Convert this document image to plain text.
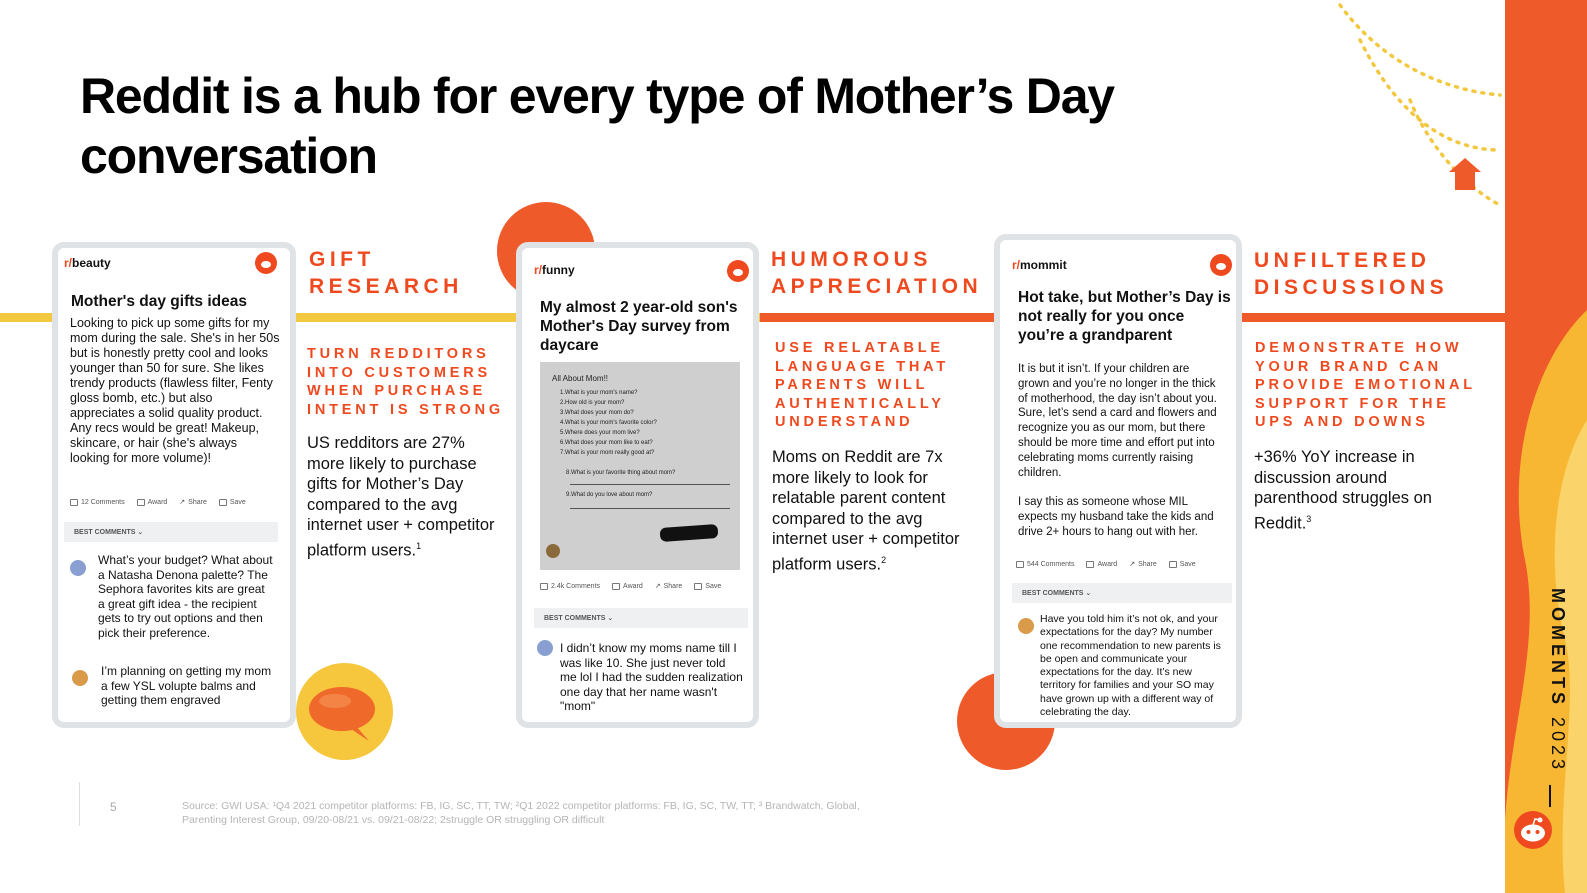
Reddit is a hub for every type of Mother’s Day conversation
r/beauty
Mother's day gifts ideas
Looking to pick up some gifts for my mom during the sale. She's in her 50s but is honestly pretty cool and looks younger than 50 for sure. She likes trendy products (flawless filter, Fenty gloss bomb, etc.) but also appreciates a solid quality product. Any recs would be great! Makeup, skincare, or hair (she's always looking for more volume)!
12 Comments	Award ↗ Share	Save
BEST COMMENTS ⌄
What’s your budget? What about a Natasha Denona palette? The Sephora favorites kits are great a great gift idea - the recipient gets to try out options and then pick their preference.
I’m planning on getting my mom a few YSL volupte balms and getting them engraved
GIFT RESEARCH
TURN REDDITORS INTO CUSTOMERS WHEN PURCHASE INTENT IS STRONG
US redditors are 27% more likely to purchase gifts for Mother’s Day compared to the avg internet user + competitor platform users.$^1$
r/funny
My almost 2 year-old son's Mother's Day survey from daycare
All About Mom!!
1.What is your mom's name?
2.How old is your mom?
3.What does your mom do?
4.What is your mom's favorite color?
5.Where does your mom live?
6.What does your mom like to eat?
7.What is your mom really good at?
8.What is your favorite thing about mom?
9.What do you love about mom?
2.4k Comments	Award ↗ Share	Save
BEST COMMENTS ⌄
I didn’t know my moms name till I was like 10. She just never told me lol I had the sudden realization one day that her name wasn't "mom"
HUMOROUS APPRECIATION
USE RELATABLE LANGUAGE THAT PARENTS WILL AUTHENTICALLY UNDERSTAND
Moms on Reddit are 7x more likely to look for relatable parent content compared to the avg internet user + competitor platform users.$^2$
r/mommit
Hot take, but Mother’s Day is not really for you once you’re a grandparent
It is but it isn’t. If your children are grown and you’re no longer in the thick of motherhood, the day isn’t about you. Sure, let’s send a card and flowers and recognize you as our mom, but there should be more time and effort put into celebrating moms currently raising children.
I say this as someone whose MIL expects my husband take the kids and drive 2+ hours to hang out with her.
544 Comments	Award ↗ Share	Save
BEST COMMENTS ⌄
Have you told him it’s not ok, and your expectations for the day? My number one recommendation to new parents is be open and communicate your expectations for the day. It’s new territory for families and your SO may have grown up with a different way of celebrating the day.
UNFILTERED DISCUSSIONS
DEMONSTRATE HOW YOUR BRAND CAN PROVIDE EMOTIONAL SUPPORT FOR THE UPS AND DOWNS
+36% YoY increase in discussion around parenthood struggles on Reddit.$^3$
MOMENTS 2023
5	Source: GWI USA: ¹Q4 2021 competitor platforms: FB, IG, SC, TT, TW; ²Q1 2022 competitor platforms: FB, IG, SC, TW, TT; ³ Brandwatch, Global,
Parenting Interest Group, 09/20-08/21 vs. 09/21-08/22; 2struggle OR struggling OR difficult
